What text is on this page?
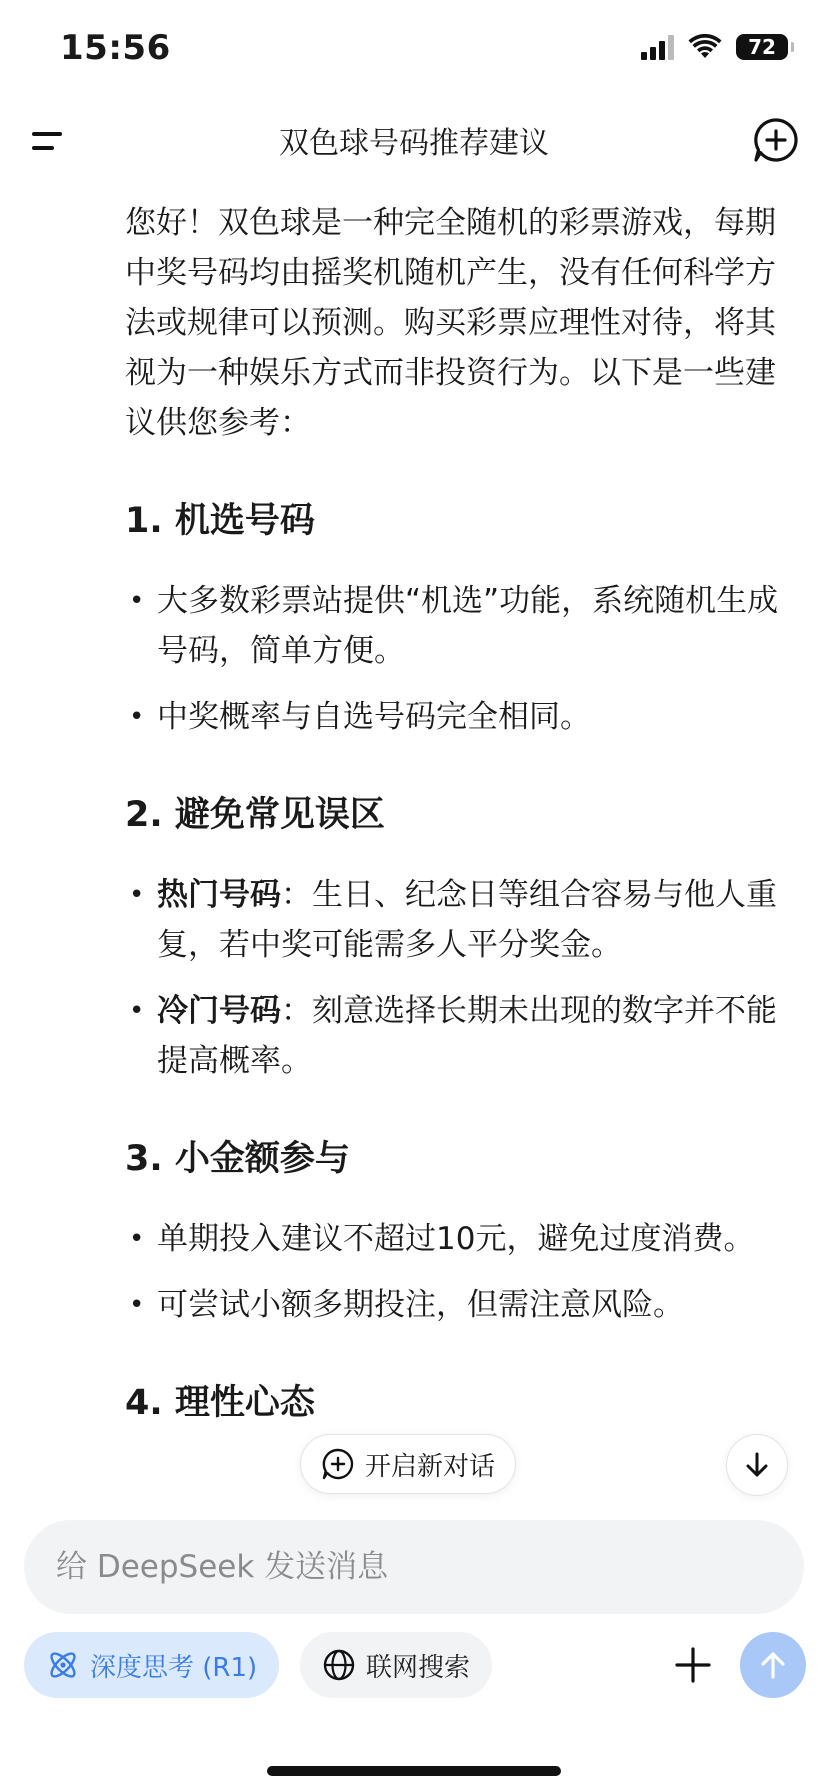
15:56	72
双色球号码推荐建议

您好！双色球是一种完全随机的彩票游戏，每期中奖号码均由摇奖机随机产生，没有任何科学方法或规律可以预测。购买彩票应理性对待，将其视为一种娱乐方式而非投资行为。以下是一些建议供您参考：

1. 机选号码
• 大多数彩票站提供“机选”功能，系统随机生成号码，简单方便。
• 中奖概率与自选号码完全相同。
2. 避免常见误区
• 热门号码：生日、纪念日等组合容易与他人重复，若中奖可能需多人平分奖金。
• 冷门号码：刻意选择长期未出现的数字并不能提高概率。
3. 小金额参与
• 单期投入建议不超过10元，避免过度消费。
• 可尝试小额多期投注，但需注意风险。
4. 理性心态
开启新对话
给 DeepSeek 发送消息
深度思考 (R1)	联网搜索
